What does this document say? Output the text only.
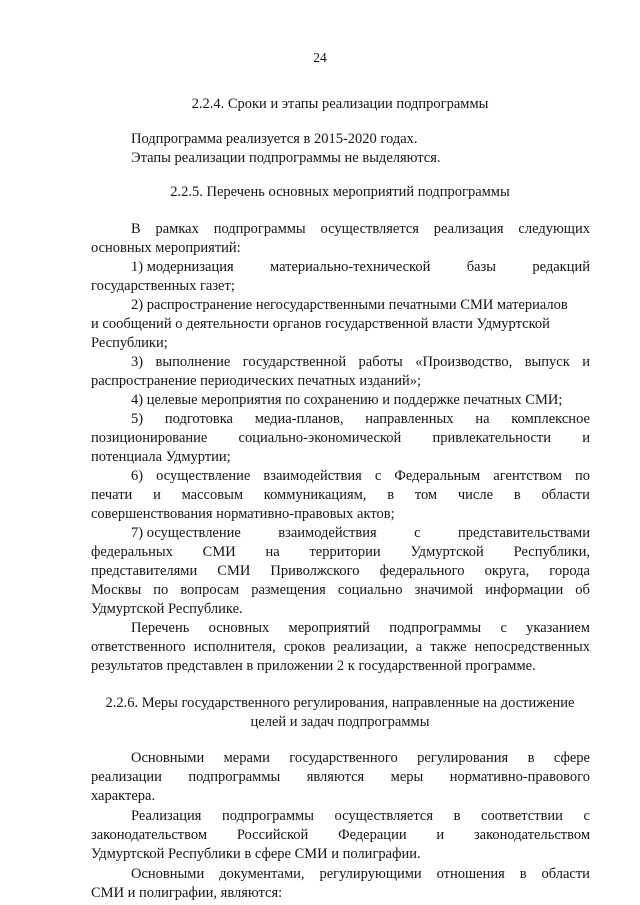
24
2.2.4. Сроки и этапы реализации подпрограммы
Подпрограмма реализуется в 2015-2020 годах.
Этапы реализации подпрограммы не выделяются.
2.2.5. Перечень основных мероприятий подпрограммы
В рамках подпрограммы осуществляется реализация следующих
основных мероприятий:
1) модернизация	материально-технической	базы	редакций
государственных газет;
2) распространение негосударственными печатными СМИ материалов
и сообщений о деятельности органов государственной власти Удмуртской
Республики;
3) выполнение государственной работы «Производство, выпуск и
распространение периодических печатных изданий»;
4) целевые мероприятия по сохранению и поддержке печатных СМИ;
5) подготовка медиа-планов, направленных на комплексное
позиционирование социально-экономической привлекательности и
потенциала Удмуртии;
6) осуществление взаимодействия с Федеральным агентством по
печати и массовым коммуникациям, в том числе в области
совершенствования нормативно-правовых актов;
7) осуществление	взаимодействия	с	представительствами
федеральных СМИ на территории Удмуртской Республики,
представителями СМИ Приволжского федерального округа, города
Москвы по вопросам размещения социально значимой информации об
Удмуртской Республике.
Перечень основных мероприятий подпрограммы с указанием
ответственного исполнителя, сроков реализации, а также непосредственных
результатов представлен в приложении 2 к государственной программе.
2.2.6. Меры государственного регулирования, направленные на достижение
целей и задач подпрограммы
Основными мерами государственного регулирования в сфере
реализации подпрограммы являются меры нормативно-правового
характера.
Реализация подпрограммы осуществляется в соответствии с
законодательством Российской Федерации и законодательством
Удмуртской Республики в сфере СМИ и полиграфии.
Основными документами, регулирующими отношения в области
СМИ и полиграфии, являются:
